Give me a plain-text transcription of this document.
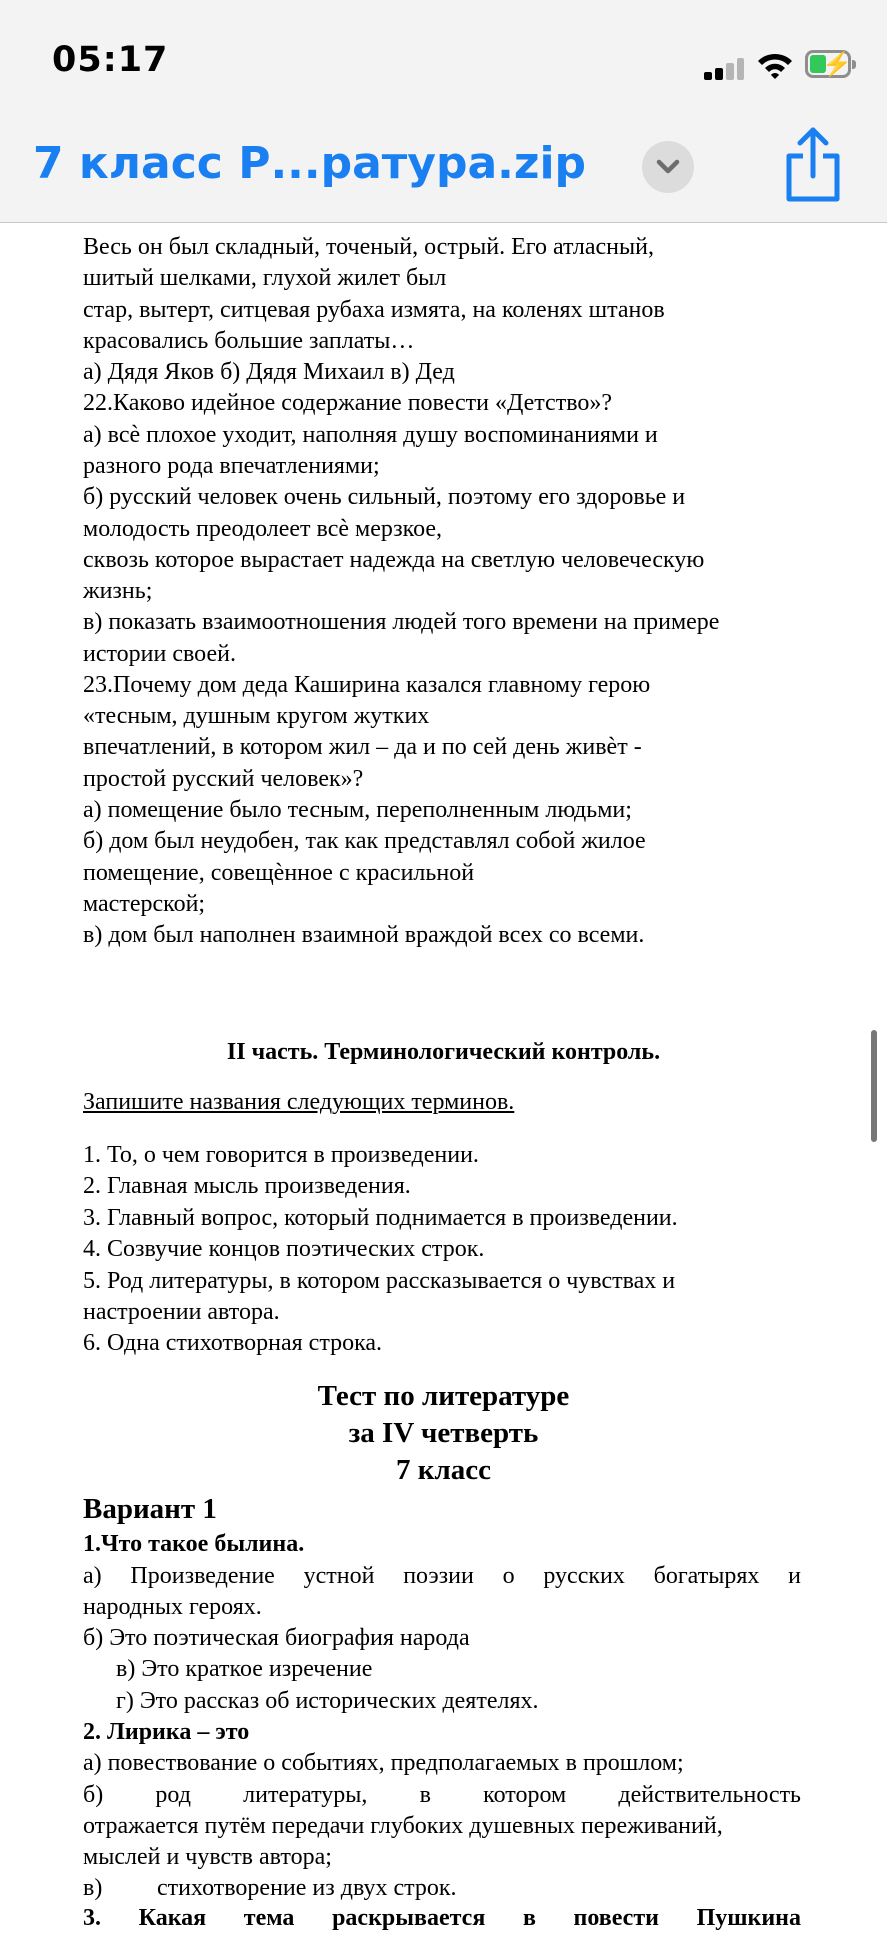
Весь он был складный, точеный, острый. Его атласный,
шитый шелками, глухой жилет был
стар, вытерт, ситцевая рубаха измята, на коленях штанов
красовались большие заплаты…
а) Дядя Яков б) Дядя Михаил в) Дед
22.Каково идейное содержание повести «Детство»?
а) всѐ плохое уходит, наполняя душу воспоминаниями и
разного рода впечатлениями;
б) русский человек очень сильный, поэтому его здоровье и
молодость преодолеет всѐ мерзкое,
сквозь которое вырастает надежда на светлую человеческую
жизнь;
в) показать взаимоотношения людей того времени на примере
истории своей.
23.Почему дом деда Каширина казался главному герою
«тесным, душным кругом жутких
впечатлений, в котором жил – да и по сей день живѐт -
простой русский человек»?
а) помещение было тесным, переполненным людьми;
б) дом был неудобен, так как представлял собой жилое
помещение, совещѐнное с красильной
мастерской;
в) дом был наполнен взаимной враждой всех со всеми.
II часть. Терминологический контроль.
Запишите названия следующих терминов.
1. То, о чем говорится в произведении.
2. Главная мысль произведения.
3. Главный вопрос, который поднимается в произведении.
4. Созвучие концов поэтических строк.
5. Род литературы, в котором рассказывается о чувствах и
настроении автора.
6. Одна стихотворная строка.
Тест по литературе
за IV четверть
7 класс
Вариант 1
1.Что такое былина.
а) Произведение устной поэзии о русских богатырях и
народных героях.
б) Это поэтическая биография народа
в) Это краткое изречение
г) Это рассказ об исторических деятелях.
2. Лирика – это
а) повествование о событиях, предполагаемых в прошлом;
б) род литературы, в котором действительность
отражается путём передачи глубоких душевных переживаний,
мыслей и чувств автора;
в) стихотворение из двух строк.
3. Какая тема раскрывается в повести Пушкина
05:17	⚡
7 класс Р...ратура.zip
